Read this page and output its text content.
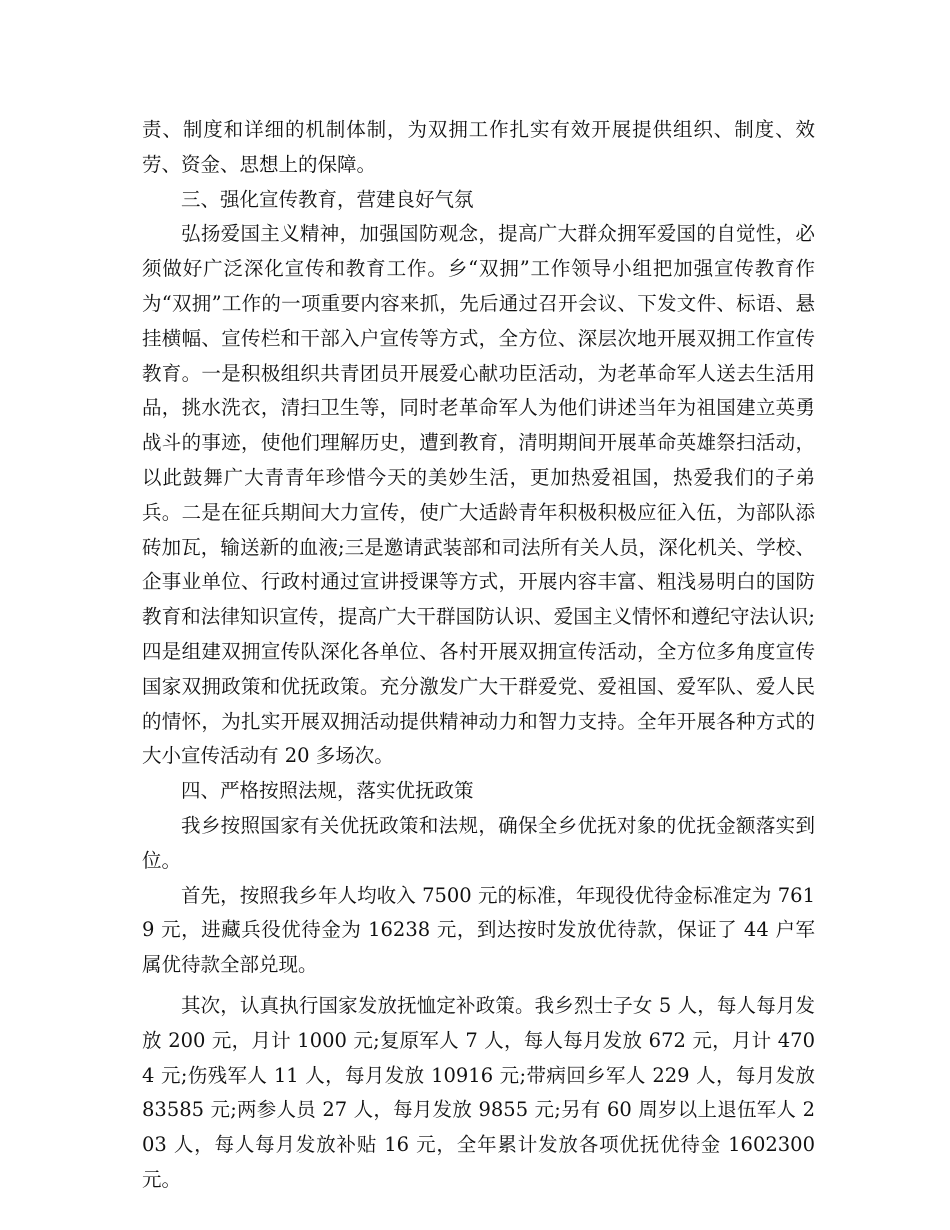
责、制度和详细的机制体制，为双拥工作扎实有效开展提供组织、制度、效劳、资金、思想上的保障。

三、强化宣传教育，营建良好气氛

弘扬爱国主义精神，加强国防观念，提高广大群众拥军爱国的自觉性，必须做好广泛深化宣传和教育工作。乡“双拥”工作领导小组把加强宣传教育作为“双拥”工作的一项重要内容来抓，先后通过召开会议、下发文件、标语、悬挂横幅、宣传栏和干部入户宣传等方式，全方位、深层次地开展双拥工作宣传教育。一是积极组织共青团员开展爱心献功臣活动，为老革命军人送去生活用品，挑水洗衣，清扫卫生等，同时老革命军人为他们讲述当年为祖国建立英勇战斗的事迹，使他们理解历史，遭到教育，清明期间开展革命英雄祭扫活动，以此鼓舞广大青青年珍惜今天的美妙生活，更加热爱祖国，热爱我们的子弟兵。二是在征兵期间大力宣传，使广大适龄青年积极积极应征入伍，为部队添砖加瓦，输送新的血液;三是邀请武装部和司法所有关人员，深化机关、学校、企事业单位、行政村通过宣讲授课等方式，开展内容丰富、粗浅易明白的国防教育和法律知识宣传，提高广大干群国防认识、爱国主义情怀和遵纪守法认识;四是组建双拥宣传队深化各单位、各村开展双拥宣传活动，全方位多角度宣传国家双拥政策和优抚政策。充分激发广大干群爱党、爱祖国、爱军队、爱人民的情怀，为扎实开展双拥活动提供精神动力和智力支持。全年开展各种方式的大小宣传活动有 20 多场次。

四、严格按照法规，落实优抚政策

我乡按照国家有关优抚政策和法规，确保全乡优抚对象的优抚金额落实到位。

首先，按照我乡年人均收入 7500 元的标准，年现役优待金标准定为 7619 元，进藏兵役优待金为 16238 元，到达按时发放优待款，保证了 44 户军属优待款全部兑现。

其次，认真执行国家发放抚恤定补政策。我乡烈士子女 5 人，每人每月发放 200 元，月计 1000 元;复原军人 7 人，每人每月发放 672 元，月计 4704 元;伤残军人 11 人，每月发放 10916 元;带病回乡军人 229 人，每月发放 83585 元;两参人员 27 人，每月发放 9855 元;另有 60 周岁以上退伍军人 203 人，每人每月发放补贴 16 元，全年累计发放各项优抚优待金 1602300 元。
